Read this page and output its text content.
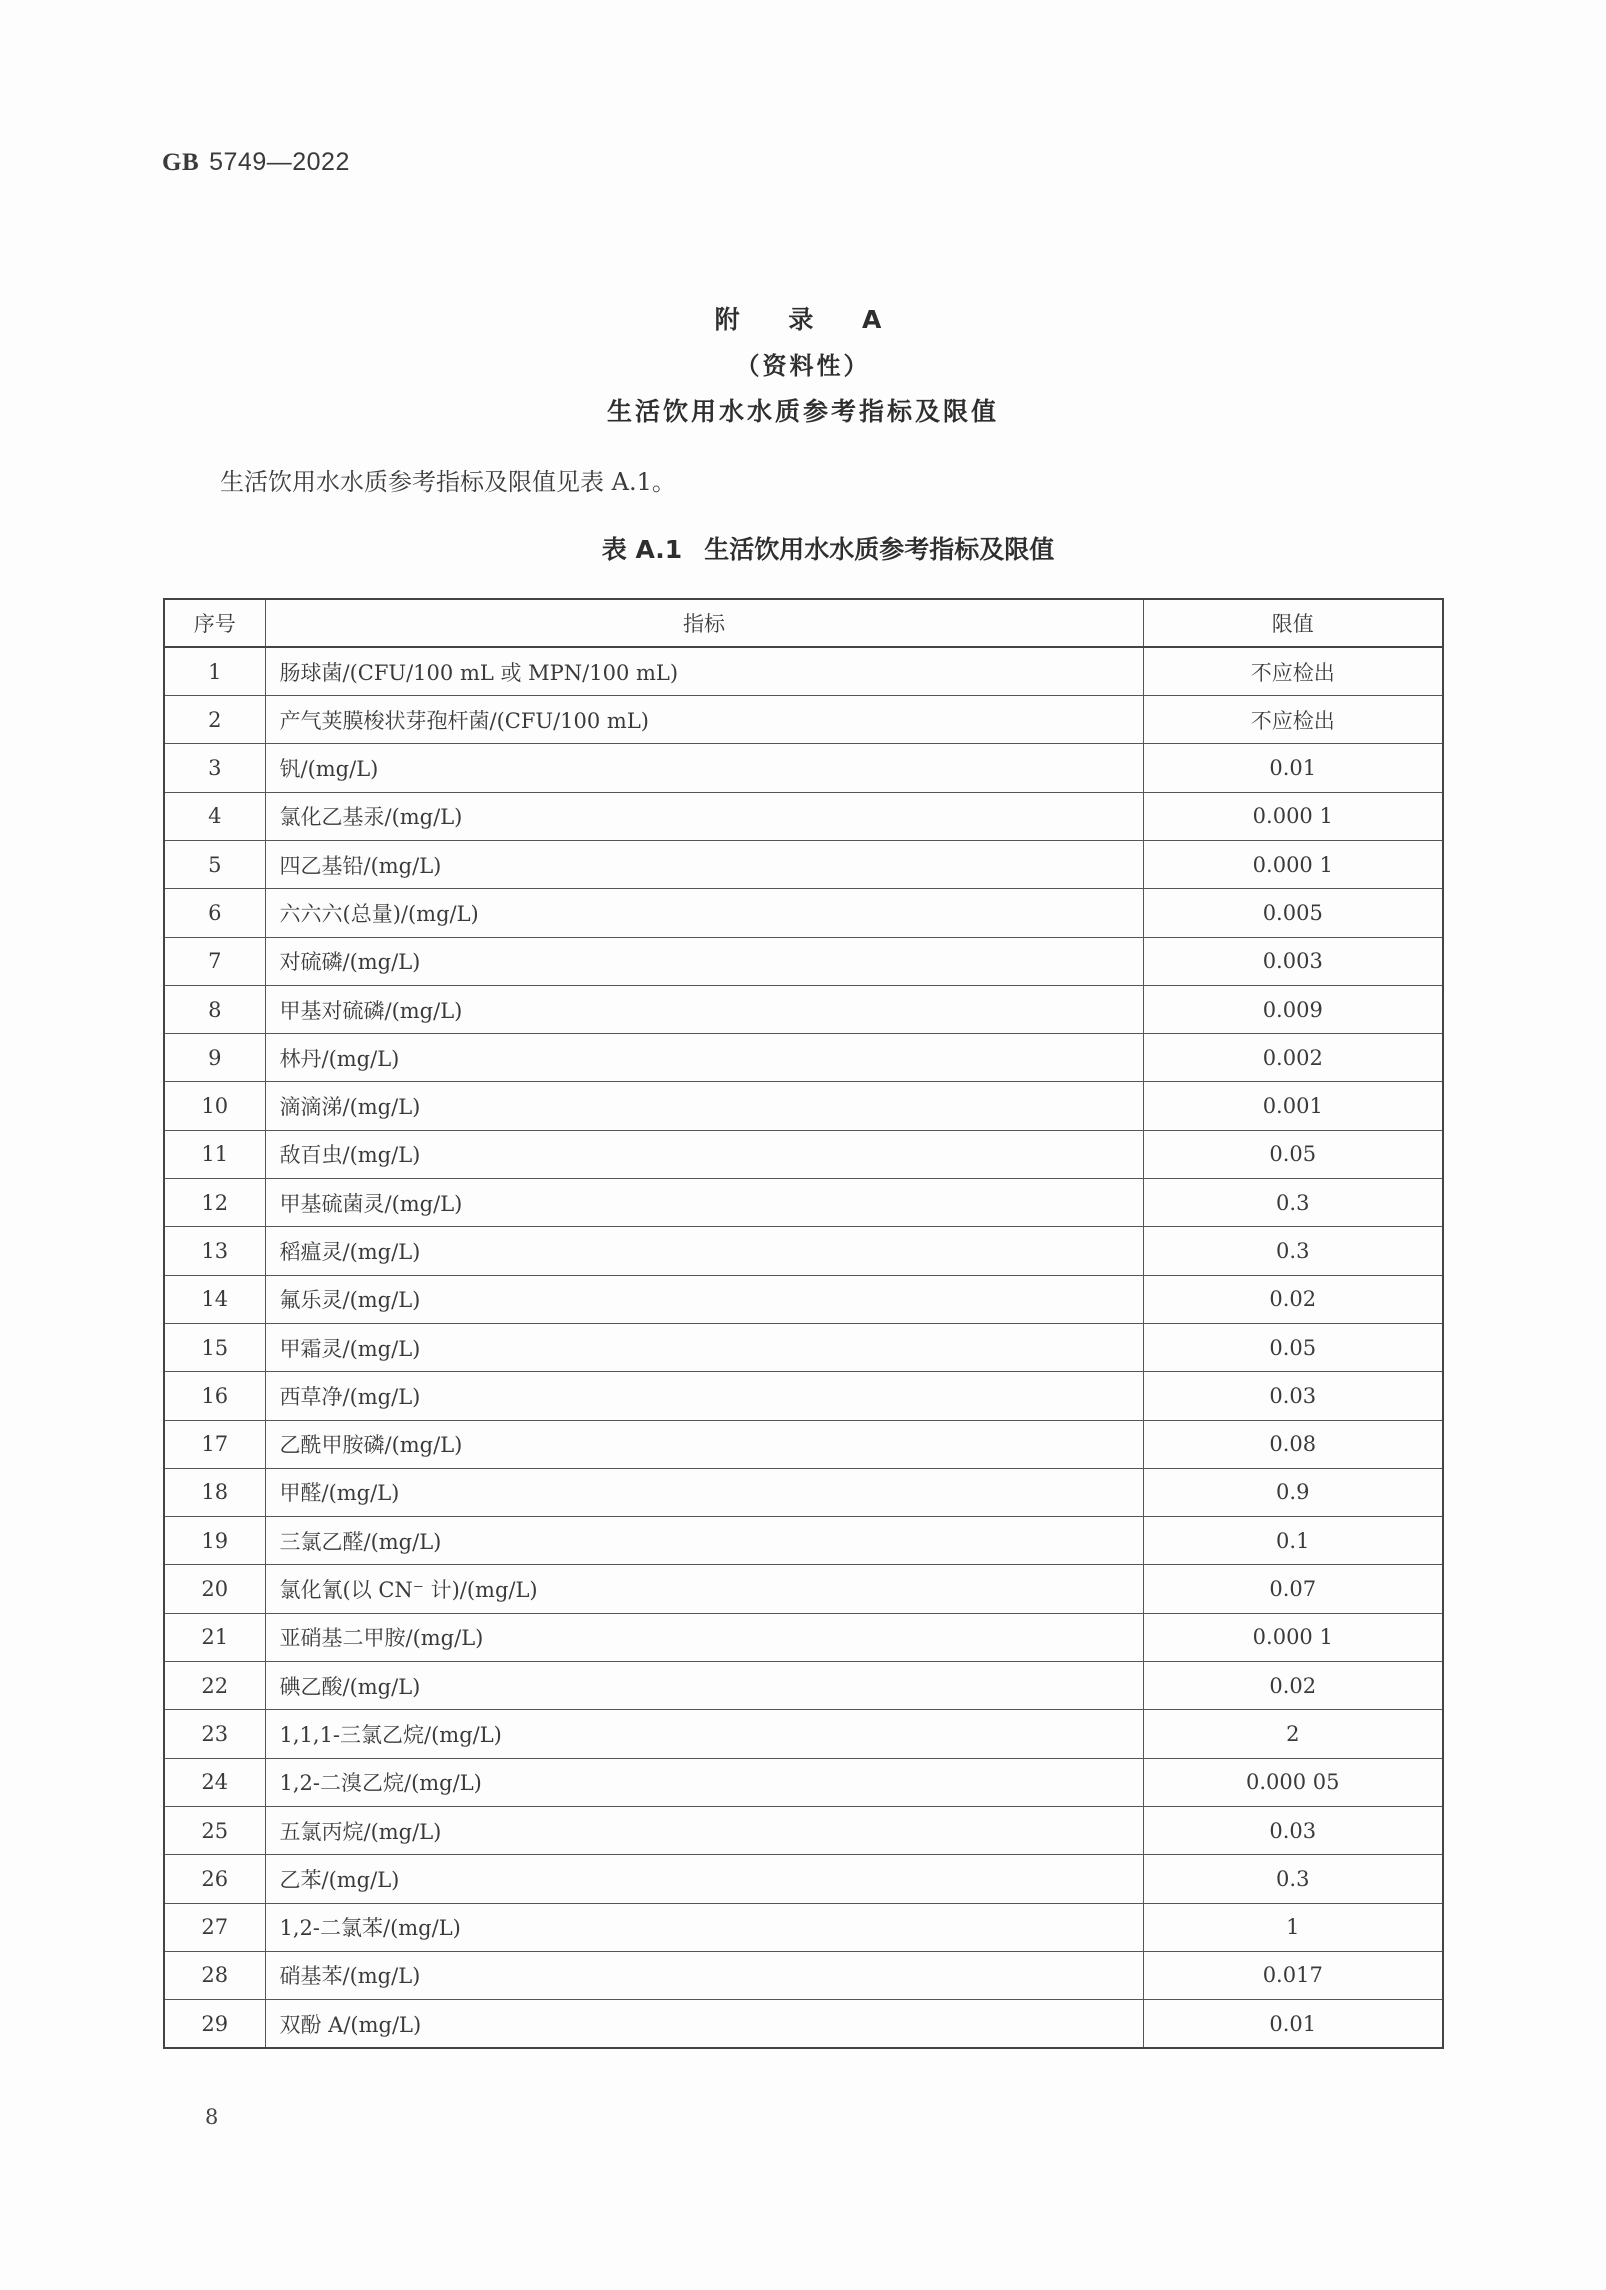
GB 5749—2022
附 录 A
（资料性）
生活饮用水水质参考指标及限值
生活饮用水水质参考指标及限值见表 A.1。
表 A.1 生活饮用水水质参考指标及限值
序号	指标	限值
1	肠球菌/(CFU/100 mL 或 MPN/100 mL)	不应检出
2	产气荚膜梭状芽孢杆菌/(CFU/100 mL)	不应检出
3	钒/(mg/L)	0.01
4	氯化乙基汞/(mg/L)	0.000 1
5	四乙基铅/(mg/L)	0.000 1
6	六六六(总量)/(mg/L)	0.005
7	对硫磷/(mg/L)	0.003
8	甲基对硫磷/(mg/L)	0.009
9	林丹/(mg/L)	0.002
10	滴滴涕/(mg/L)	0.001
11	敌百虫/(mg/L)	0.05
12	甲基硫菌灵/(mg/L)	0.3
13	稻瘟灵/(mg/L)	0.3
14	氟乐灵/(mg/L)	0.02
15	甲霜灵/(mg/L)	0.05
16	西草净/(mg/L)	0.03
17	乙酰甲胺磷/(mg/L)	0.08
18	甲醛/(mg/L)	0.9
19	三氯乙醛/(mg/L)	0.1
20	氯化氰(以 CN⁻ 计)/(mg/L)	0.07
21	亚硝基二甲胺/(mg/L)	0.000 1
22	碘乙酸/(mg/L)	0.02
23	1,1,1-三氯乙烷/(mg/L)	2
24	1,2-二溴乙烷/(mg/L)	0.000 05
25	五氯丙烷/(mg/L)	0.03
26	乙苯/(mg/L)	0.3
27	1,2-二氯苯/(mg/L)	1
28	硝基苯/(mg/L)	0.017
29	双酚 A/(mg/L)	0.01
8
